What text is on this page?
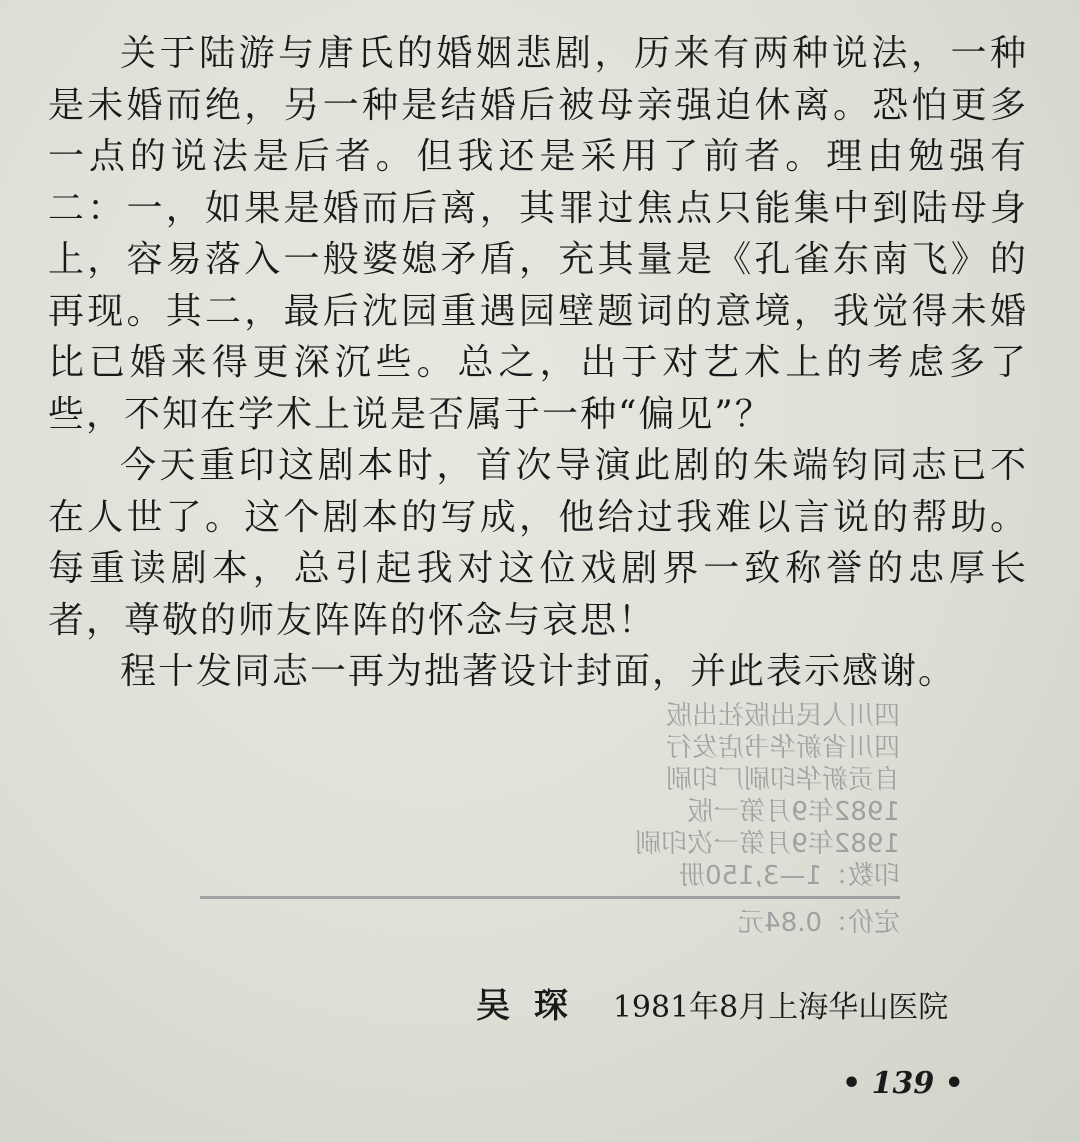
四川人民出版社出版
四川省新华书店发行
自贡新华印刷厂印刷
1982年9月第一版
1982年9月第一次印刷
印数：1—3,150册
定价：0.84元
关于陆游与唐氏的婚姻悲剧，历来有两种说法，一种
是未婚而绝，另一种是结婚后被母亲强迫休离。恐怕更多
一点的说法是后者。但我还是采用了前者。理由勉强有
二：一，如果是婚而后离，其罪过焦点只能集中到陆母身
上，容易落入一般婆媳矛盾，充其量是《孔雀东南飞》的
再现。其二，最后沈园重遇园壁题词的意境，我觉得未婚
比已婚来得更深沉些。总之，出于对艺术上的考虑多了
些，不知在学术上说是否属于一种“偏见”？
今天重印这剧本时，首次导演此剧的朱端钧同志已不
在人世了。这个剧本的写成，他给过我难以言说的帮助。
每重读剧本，总引起我对这位戏剧界一致称誉的忠厚长
者，尊敬的师友阵阵的怀念与哀思！
程十发同志一再为拙著设计封面，并此表示感谢。
吴琛 1981年8月上海华山医院
• 139 •
